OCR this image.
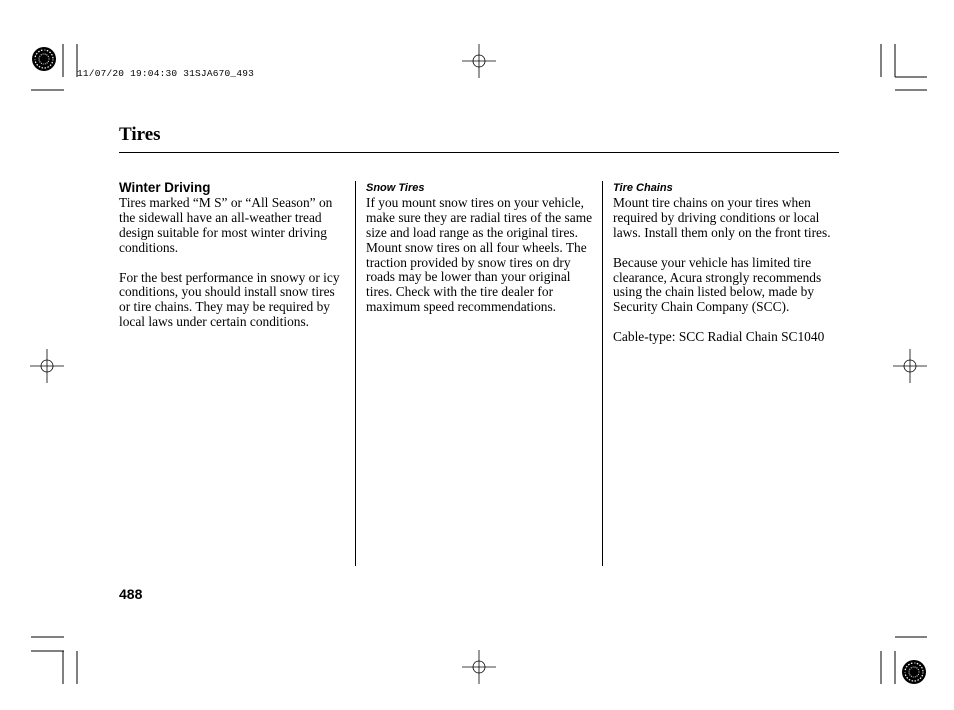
11/07/20 19:04:30 31SJA670_493
Tires
Winter Driving

Tires marked “M S” or “All Season” on the sidewall have an all-weather tread design suitable for most winter driving conditions.

For the best performance in snowy or icy conditions, you should install snow tires or tire chains. They may be required by local laws under certain conditions.

Snow Tires

If you mount snow tires on your vehicle, make sure they are radial tires of the same size and load range as the original tires. Mount snow tires on all four wheels. The traction provided by snow tires on dry roads may be lower than your original tires. Check with the tire dealer for maximum speed recommendations.

Tire Chains

Mount tire chains on your tires when required by driving conditions or local laws. Install them only on the front tires.

Because your vehicle has limited tire clearance, Acura strongly recommends using the chain listed below, made by Security Chain Company (SCC).

Cable-type: SCC Radial Chain SC1040

488
